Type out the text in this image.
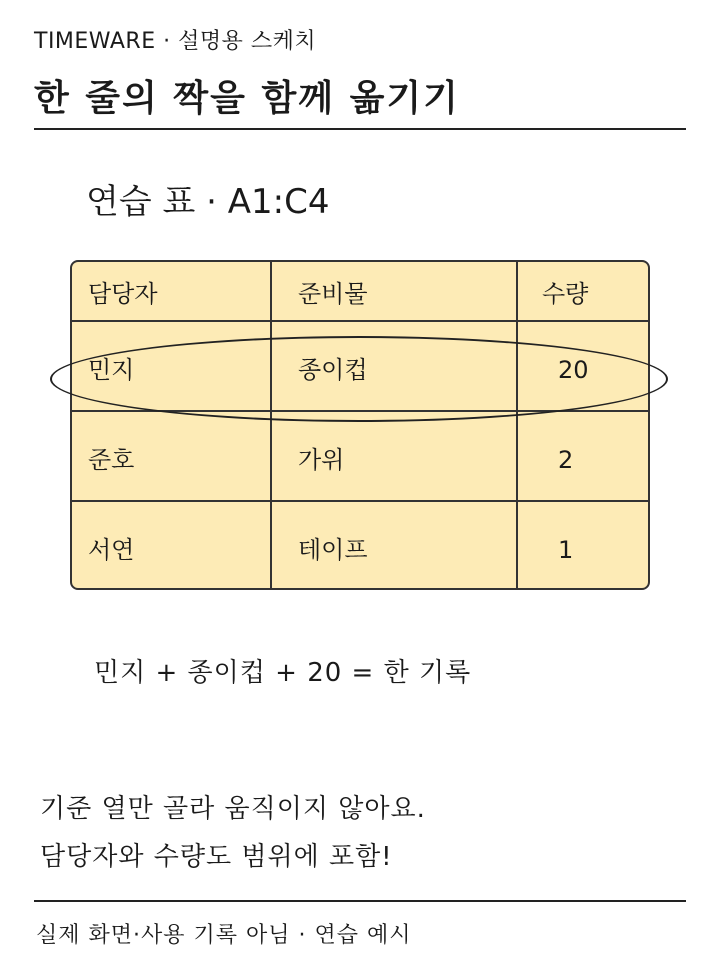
TIMEWARE · 설명용 스케치
한 줄의 짝을 함께 옮기기
연습 표 · A1:C4
담당자	준비물	수량
민지	종이컵	20
준호	가위	2
서연	테이프	1
민지 + 종이컵 + 20 = 한 기록
기준 열만 골라 움직이지 않아요.
담당자와 수량도 범위에 포함!
실제 화면·사용 기록 아님 · 연습 예시
